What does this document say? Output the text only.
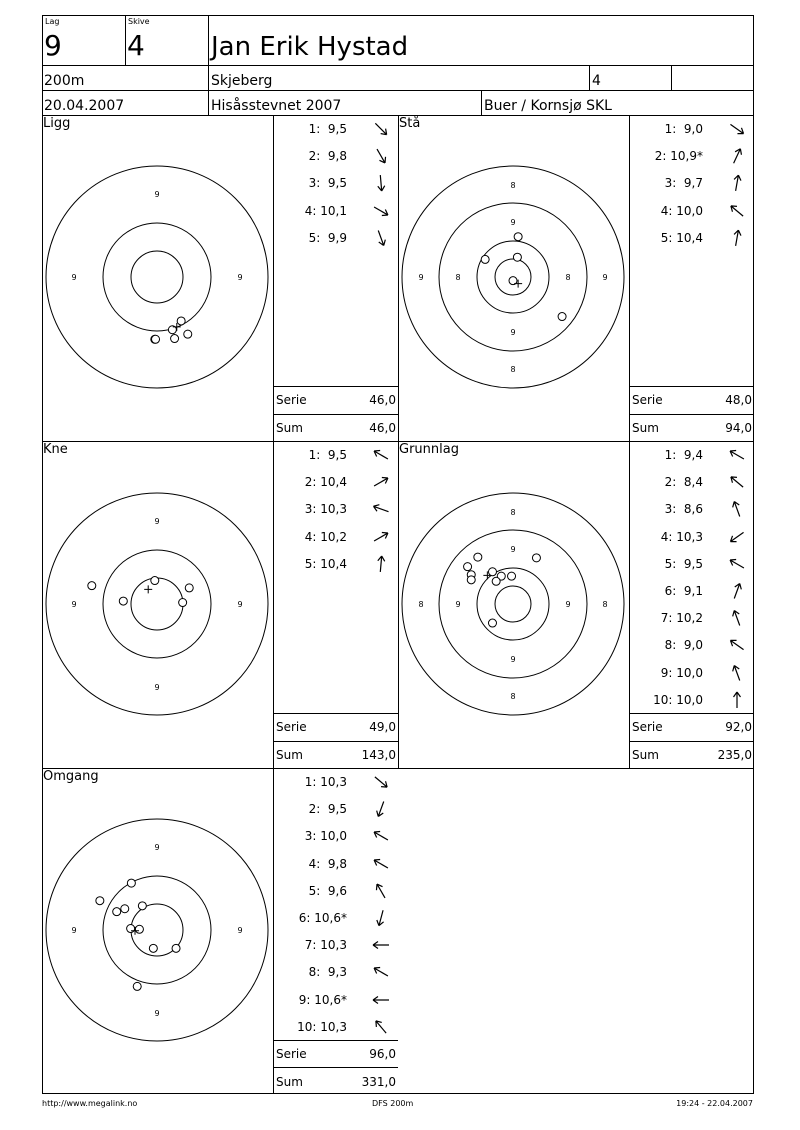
Lag
9
Skive
4	Jan Erik Hystad
200m	Skjeberg	4
20.04.2007	Hisåsstevnet 2007	Buer / Kornsjø SKL
Ligg
9
9	9
1:  9,5
2:  9,8
3:  9,5
4: 10,1
5:  9,9
Serie	46,0
Sum	46,0
Stå
8
9
9	8	8	9
9
8
1:  9,0
2: 10,9*
3:  9,7
4: 10,0
5: 10,4
Serie	48,0
Sum	94,0
Kne
9
9	9
9
1:  9,5
2: 10,4
3: 10,3
4: 10,2
5: 10,4
Serie	49,0
Sum	143,0
Grunnlag
8
9
8	9	9	8
9
8
1:  9,4
2:  8,4
3:  8,6
4: 10,3
5:  9,5
6:  9,1
7: 10,2
8:  9,0
9: 10,0
10: 10,0
Serie	92,0
Sum	235,0
Omgang
9
9	9
9
1: 10,3
2:  9,5
3: 10,0
4:  9,8
5:  9,6
6: 10,6*
7: 10,3
8:  9,3
9: 10,6*
10: 10,3
Serie	96,0
Sum	331,0
http://www.megalink.no	DFS 200m	19:24 - 22.04.2007
